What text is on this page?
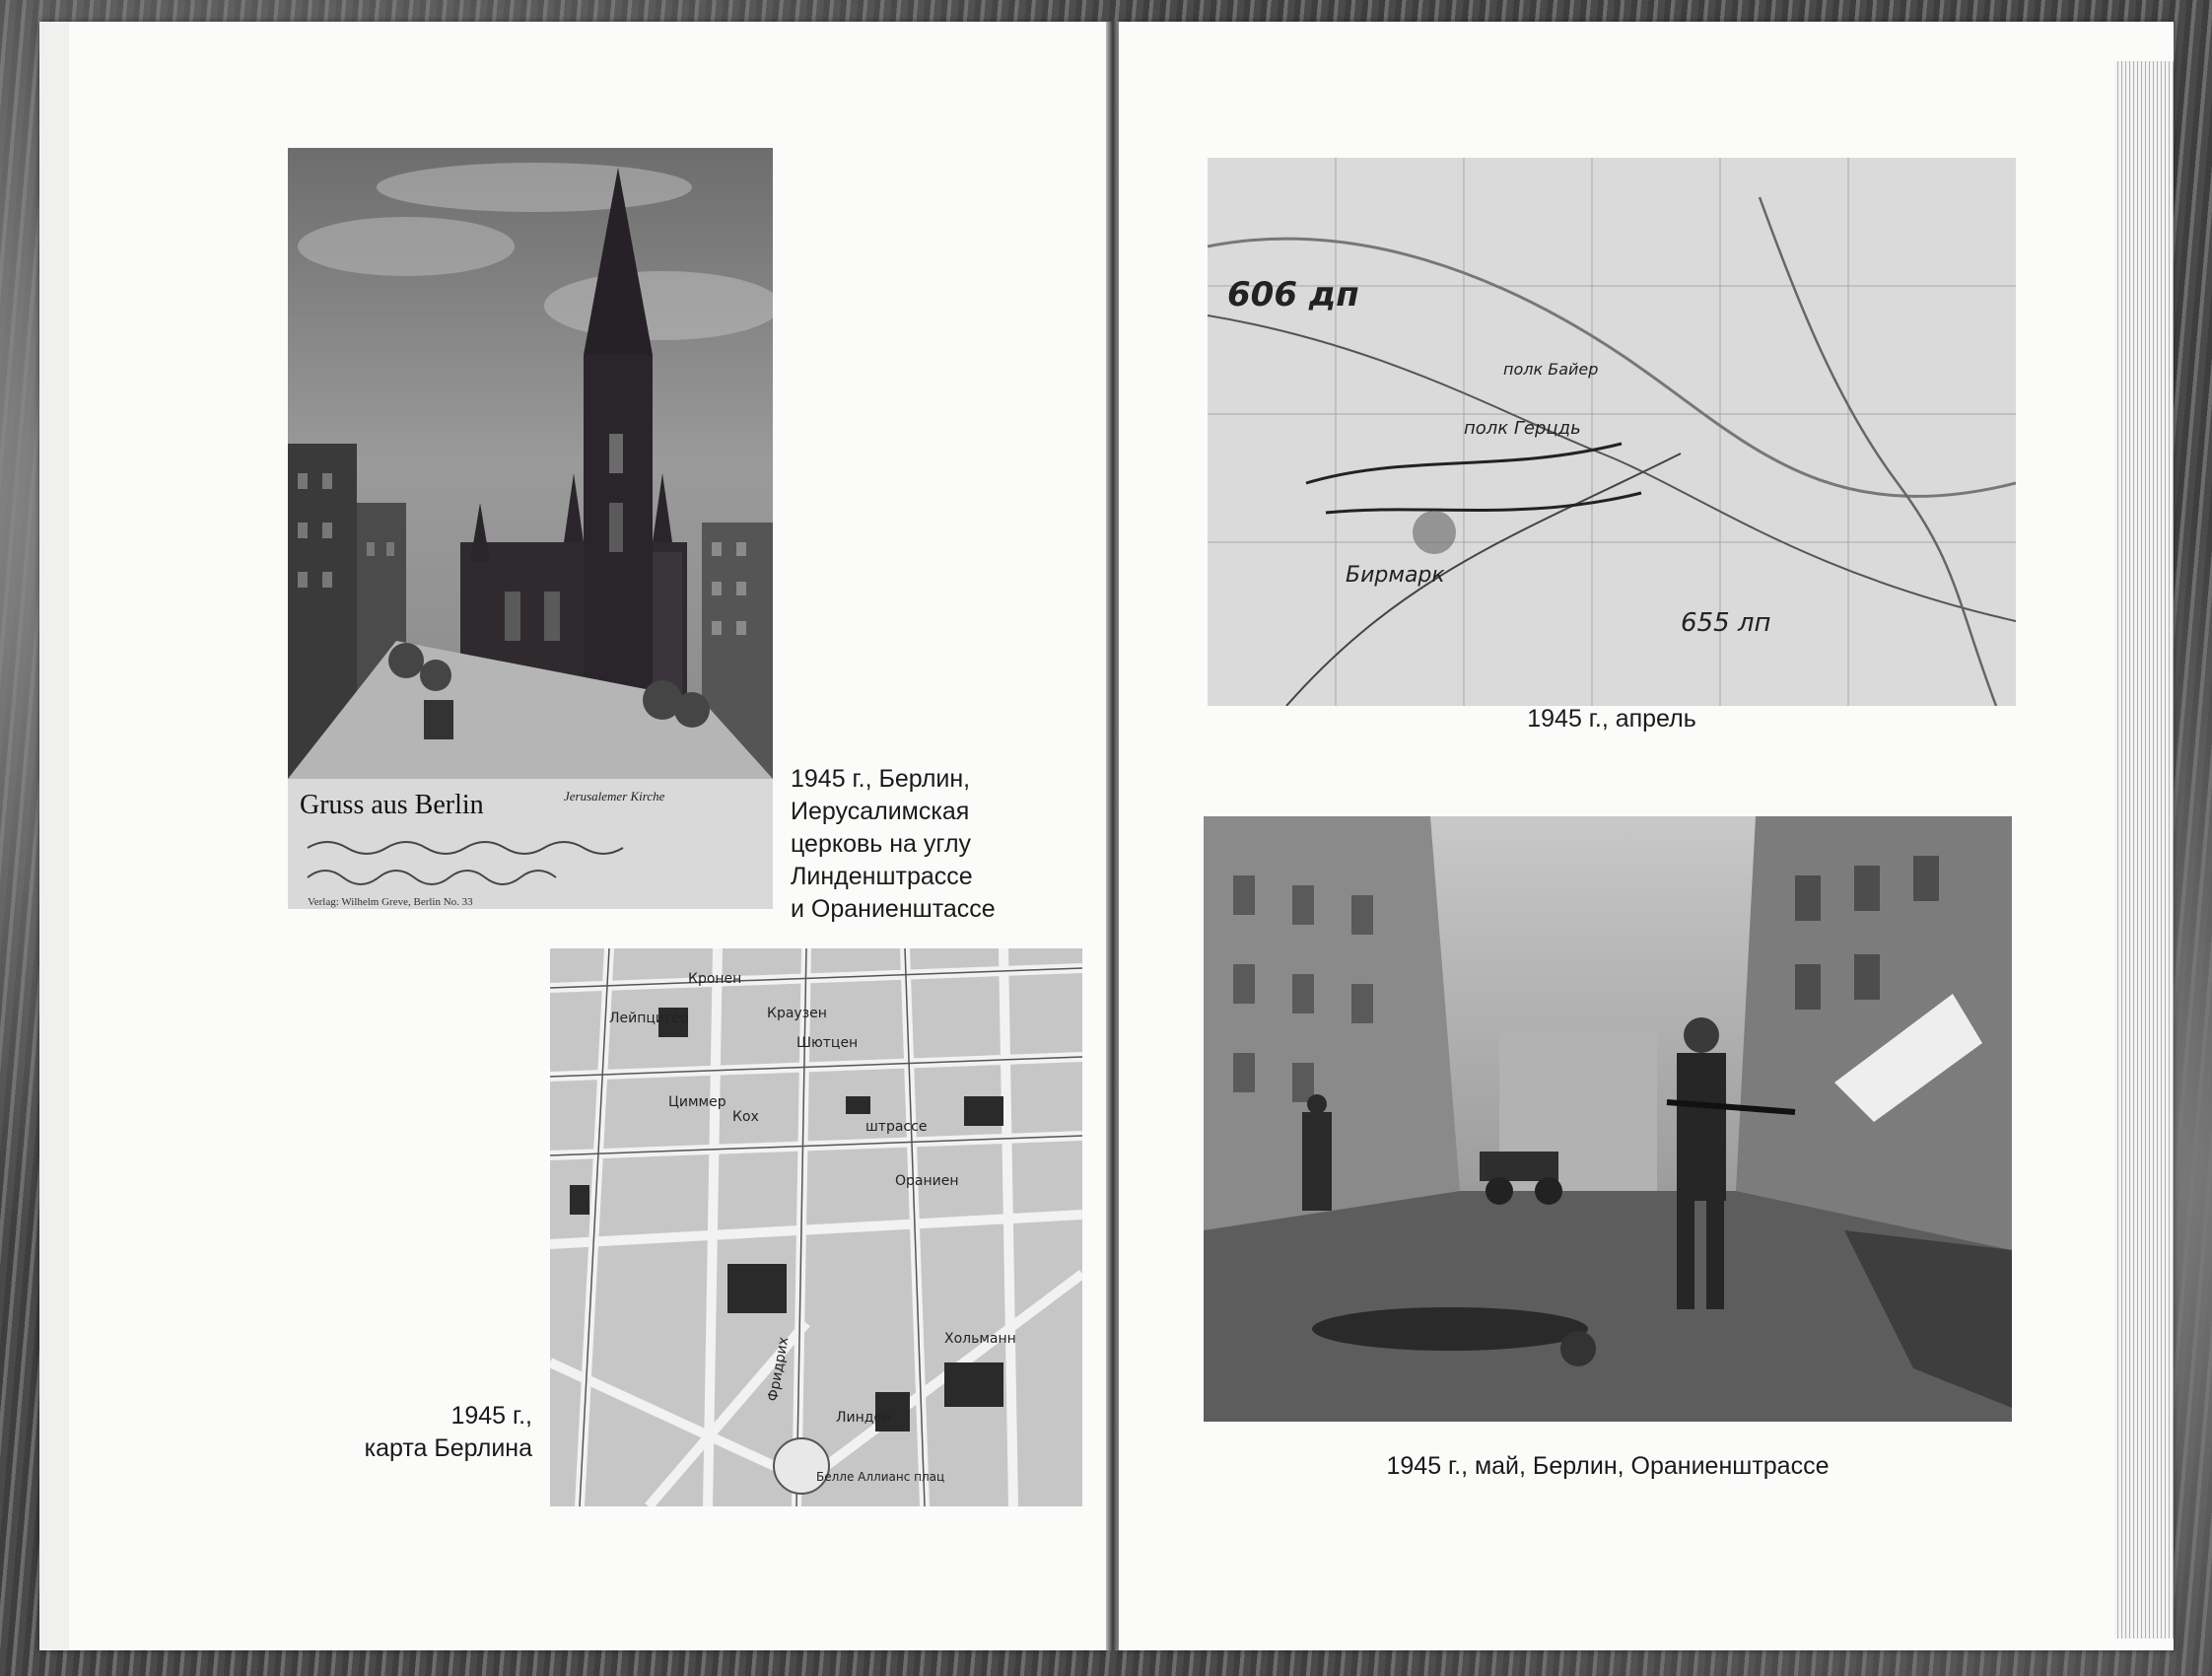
Gruss aus Berlin	Jerusalemer Kirche
Verlag: Wilhelm Greve, Berlin No. 33
1945 г., Берлин,
Иерусалимская
церковь на углу
Линденштрассе
и Ораниенштассе
Кронен
Лейпцигер	Краузен
Шютцен
Циммер
Кох
штрассе
Ораниен
Хольманн
Линден
Фридрих
Белле Аллианс плац
1945 г.,
карта Берлина
606 дп
655 лп
Бирмарк
полк Байер
полк Герцдь
1945 г., апрель
1945 г., май, Берлин, Ораниенштрассе
